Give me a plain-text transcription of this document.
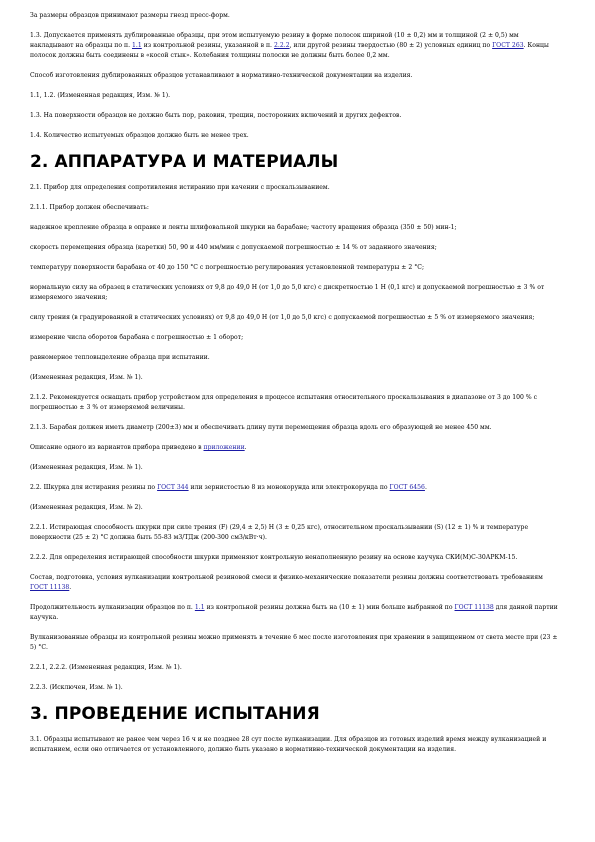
За размеры образцов принимают размеры гнезд пресс-форм.

1.3. Допускается применять дублированные образцы, при этом испытуемую резину в форме полосок шириной (10 ± 0,2) мм и толщиной (2 ± 0,5) мм накладывают на образцы по п. 1.1 из контрольной резины, указанной в п. 2.2.2, или другой резины твердостью (80 ± 2) условных единиц по ГОСТ 263. Концы полосок должны быть соединены в «косой стык». Колебания толщины полоски не должны быть более 0,2 мм.

Способ изготовления дублированных образцов устанавливают в нормативно-технической документации на изделия.

1.1, 1.2. (Измененная редакция, Изм. № 1).

1.3. На поверхности образцов не должно быть пор, раковин, трещин, посторонних включений и других дефектов.

1.4. Количество испытуемых образцов должно быть не менее трех.

2. АППАРАТУРА И МАТЕРИАЛЫ

2.1. Прибор для определения сопротивления истиранию при качении с проскальзыванием.

2.1.1. Прибор должен обеспечивать:

надежное крепление образца в оправке и ленты шлифовальной шкурки на барабане; частоту вращения образца (350 ± 50) мин-1;

скорость перемещения образца (каретки) 50, 90 и 440 мм/мин с допускаемой погрешностью ± 14 % от заданного значения;

температуру поверхности барабана от 40 до 150 °С с погрешностью регулирования установленной температуры ± 2 °С;

нормальную силу на образец в статических условиях от 9,8 до 49,0 Н (от 1,0 до 5,0 кгс) с дискретностью 1 Н (0,1 кгс) и допускаемой погрешностью ± 3 % от измеряемого значения;

силу трения (в градуированной в статических условиях) от 9,8 до 49,0 Н (от 1,0 до 5,0 кгс) с допускаемой погрешностью ± 5 % от измеряемого значения;

измерение числа оборотов барабана с погрешностью ± 1 оборот;

равномерное тепловыделение образца при испытании.

(Измененная редакция, Изм. № 1).

2.1.2. Рекомендуется оснащать прибор устройством для определения в процессе испытания относительного проскальзывания в диапазоне от 3 до 100 % с погрешностью ± 3 % от измеряемой величины.

2.1.3. Барабан должен иметь диаметр (200±3) мм и обеспечивать длину пути перемещения образца вдоль его образующей не менее 450 мм.

Описание одного из вариантов прибора приведено в приложении.

(Измененная редакция, Изм. № 1).

2.2. Шкурка для истирания резины по ГОСТ 344 или зернистостью 8 из монокорунда или электрокорунда по ГОСТ 6456.

(Измененная редакция, Изм. № 2).

2.2.1. Истирающая способность шкурки при силе трения (F) (29,4 ± 2,5) Н (3 ± 0,25 кгс), относительном проскальзывании (S) (12 ± 1) % и температуре поверхности (25 ± 2) °С должна быть 55-83 м3/ТДж (200-300 см3/кВт·ч).

2.2.2. Для определения истирающей способности шкурки применяют контрольную ненаполненную резину на основе каучука СКИ(М)С-30АРКМ-15.

Состав, подготовка, условия вулканизации контрольной резиновой смеси и физико-механические показатели резины должны соответствовать требованиям ГОСТ 11138.

Продолжительность вулканизации образцов по п. 1.1 из контрольной резины должна быть на (10 ± 1) мин больше выбранной по ГОСТ 11138 для данной партии каучука.

Вулканизованные образцы из контрольной резины можно применять в течение 6 мес после изготовления при хранении в защищенном от света месте при (23 ± 5) °С.

2.2.1, 2.2.2. (Измененная редакция, Изм. № 1).

2.2.3. (Исключен, Изм. № 1).

3. ПРОВЕДЕНИЕ ИСПЫТАНИЯ

3.1. Образцы испытывают не ранее чем через 16 ч и не позднее 28 сут после вулканизации. Для образцов из готовых изделий время между вулканизацией и испытанием, если оно отличается от установленного, должно быть указано в нормативно-технической документации на изделия.
